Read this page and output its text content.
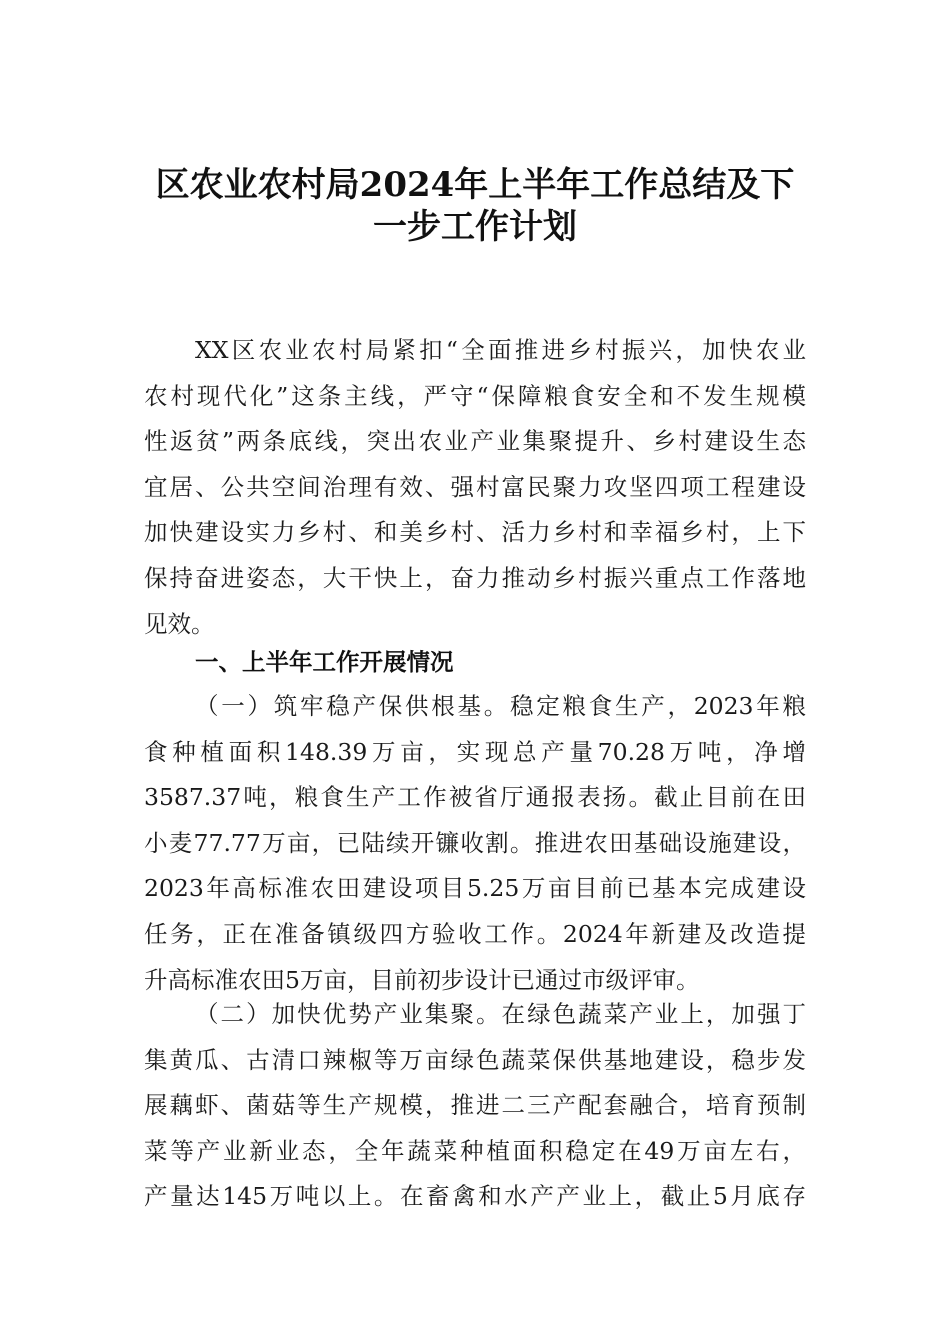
区农业农村局2024年上半年工作总结及下
一步工作计划
XX区农业农村局紧扣“全面推进乡村振兴，加快农业
农村现代化”这条主线，严守“保障粮食安全和不发生规模
性返贫”两条底线，突出农业产业集聚提升、乡村建设生态
宜居、公共空间治理有效、强村富民聚力攻坚四项工程建设
加快建设实力乡村、和美乡村、活力乡村和幸福乡村，上下
保持奋进姿态，大干快上，奋力推动乡村振兴重点工作落地
见效。
一、上半年工作开展情况
（一）筑牢稳产保供根基。稳定粮食生产，2023年粮
食种植面积148.39万亩，实现总产量70.28万吨，净增
3587.37吨，粮食生产工作被省厅通报表扬。截止目前在田
小麦77.77万亩，已陆续开镰收割。推进农田基础设施建设，
2023年高标准农田建设项目5.25万亩目前已基本完成建设
任务，正在准备镇级四方验收工作。2024年新建及改造提
升高标准农田5万亩，目前初步设计已通过市级评审。
（二）加快优势产业集聚。在绿色蔬菜产业上，加强丁
集黄瓜、古清口辣椒等万亩绿色蔬菜保供基地建设，稳步发
展藕虾、菌菇等生产规模，推进二三产配套融合，培育预制
菜等产业新业态，全年蔬菜种植面积稳定在49万亩左右，
产量达145万吨以上。在畜禽和水产产业上，截止5月底存
